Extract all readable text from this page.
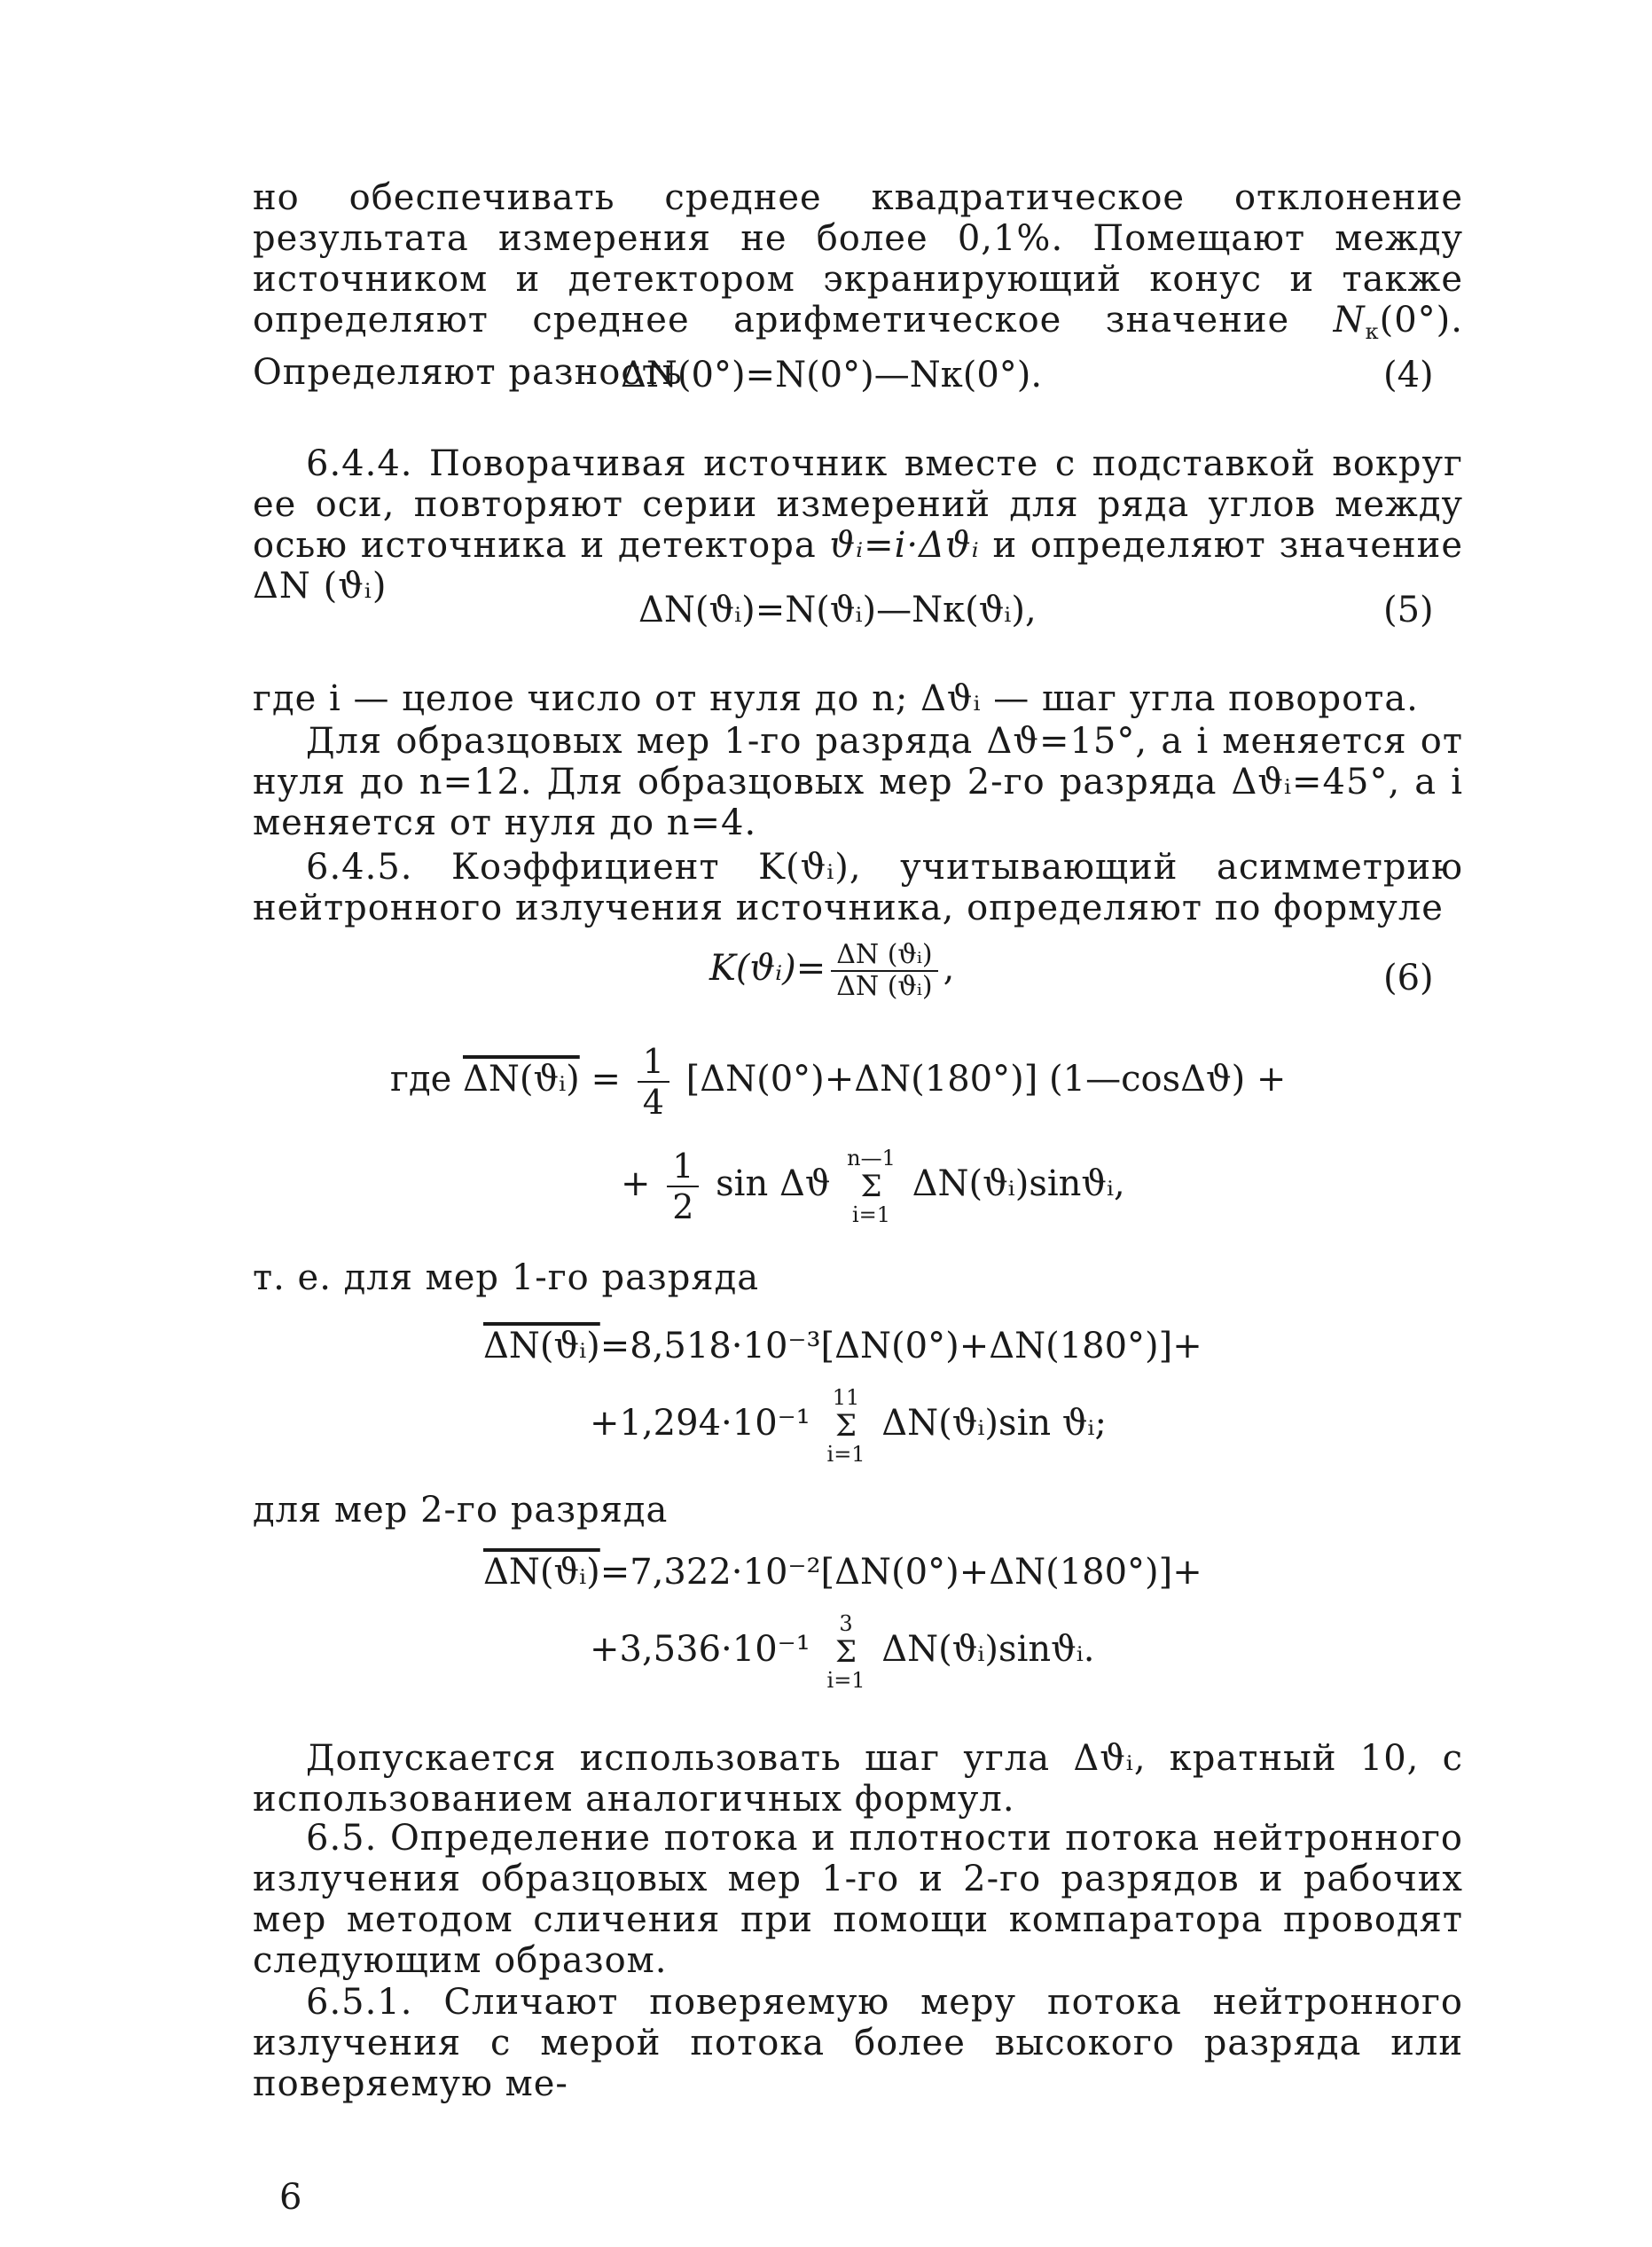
но обеспечивать среднее квадратическое отклонение результата измерения не более 0,1%. Помещают между источником и детектором экранирующий конус и также определяют среднее арифметическое значение $N_к(0^\circ)$. Определяют разность
ΔN(0°)=N(0°)—Nк(0°).	(4)
6.4.4. Поворачивая источник вместе с подставкой вокруг ее оси, повторяют серии измерений для ряда углов между осью источника и детектора ϑᵢ=i·Δϑᵢ и определяют значение ΔN (ϑᵢ)
ΔN(ϑᵢ)=N(ϑᵢ)—Nк(ϑᵢ),	(5)
где i — целое число от нуля до n; Δϑᵢ — шаг угла поворота.
Для образцовых мер 1-го разряда Δϑ=15°, а i меняется от нуля до n=12. Для образцовых мер 2-го разряда Δϑᵢ=45°, а i меняется от нуля до n=4.
6.4.5. Коэффициент K(ϑᵢ), учитывающий асимметрию нейтронного излучения источника, определяют по формуле
K(ϑᵢ)= $\frac{\text{ΔN (ϑᵢ)}}{\text{ΔN (ϑᵢ)}}$ ,	(6)
где ΔN(ϑᵢ) = $\frac{1}{4} [\Delta N(0^\circ)+\Delta N(180^\circ)]$ (1—cosΔϑ) +
+ $\frac{1}{2}$ sin Δϑ
n—1
Σ
i=1
ΔN(ϑᵢ)sinϑᵢ,
т. е. для мер 1-го разряда
ΔN(ϑᵢ)=8,518·10⁻³[ΔN(0°)+ΔN(180°)]+
+1,294·10⁻¹
11
Σ
i=1
ΔN(ϑᵢ)sin ϑᵢ;
для мер 2-го разряда
ΔN(ϑᵢ)=7,322·10⁻²[ΔN(0°)+ΔN(180°)]+
+3,536·10⁻¹
3
Σ
i=1
ΔN(ϑᵢ)sinϑᵢ.
Допускается использовать шаг угла Δϑᵢ, кратный 10, с использованием аналогичных формул.
6.5. Определение потока и плотности потока нейтронного излучения образцовых мер 1-го и 2-го разрядов и рабочих мер методом сличения при помощи компаратора проводят следующим образом.
6.5.1. Сличают поверяемую меру потока нейтронного излучения с мерой потока более высокого разряда или поверяемую ме-
6
